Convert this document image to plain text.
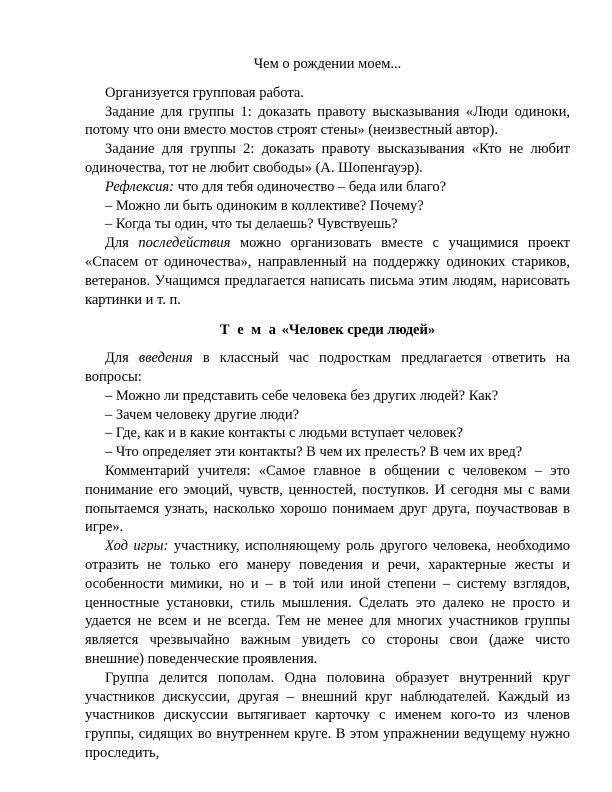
Чем о рождении моем...

Организуется групповая работа.

Задание для группы 1: доказать правоту высказывания «Люди одиноки, потому что они вместо мостов строят стены» (неизвестный автор).

Задание для группы 2: доказать правоту высказывания «Кто не любит одиночества, тот не любит свободы» (А. Шопенгауэр).

Рефлексия: что для тебя одиночество – беда или благо?

– Можно ли быть одиноким в коллективе? Почему?

– Когда ты один, что ты делаешь? Чувствуешь?

Для последействия можно организовать вместе с учащимися проект «Спасем от одиночества», направленный на поддержку одиноких стариков, ветеранов. Учащимся предлагается написать письма этим людям, нарисовать картинки и т. п.

Т е м а «Человек среди людей»

Для введения в классный час подросткам предлагается ответить на вопросы:

– Можно ли представить себе человека без других людей? Как?

– Зачем человеку другие люди?

– Где, как и в какие контакты с людьми вступает человек?

– Что определяет эти контакты? В чем их прелесть? В чем их вред?

Комментарий учителя: «Самое главное в общении с человеком – это понимание его эмоций, чувств, ценностей, поступков. И сегодня мы с вами попытаемся узнать, насколько хорошо понимаем друг друга, поучаствовав в игре».

Ход игры: участнику, исполняющему роль другого человека, необходимо отразить не только его манеру поведения и речи, характерные жесты и особенности мимики, но и – в той или иной степени – систему взглядов, ценностные установки, стиль мышления. Сделать это далеко не просто и удается не всем и не всегда. Тем не менее для многих участников группы является чрезвычайно важным увидеть со стороны свои (даже чисто внешние) поведенческие проявления.

Группа делится пополам. Одна половина образует внутренний круг участников дискуссии, другая – внешний круг наблюдателей. Каждый из участников дискуссии вытягивает карточку с именем кого-то из членов группы, сидящих во внутреннем круге. В этом упражнении ведущему нужно проследить,
